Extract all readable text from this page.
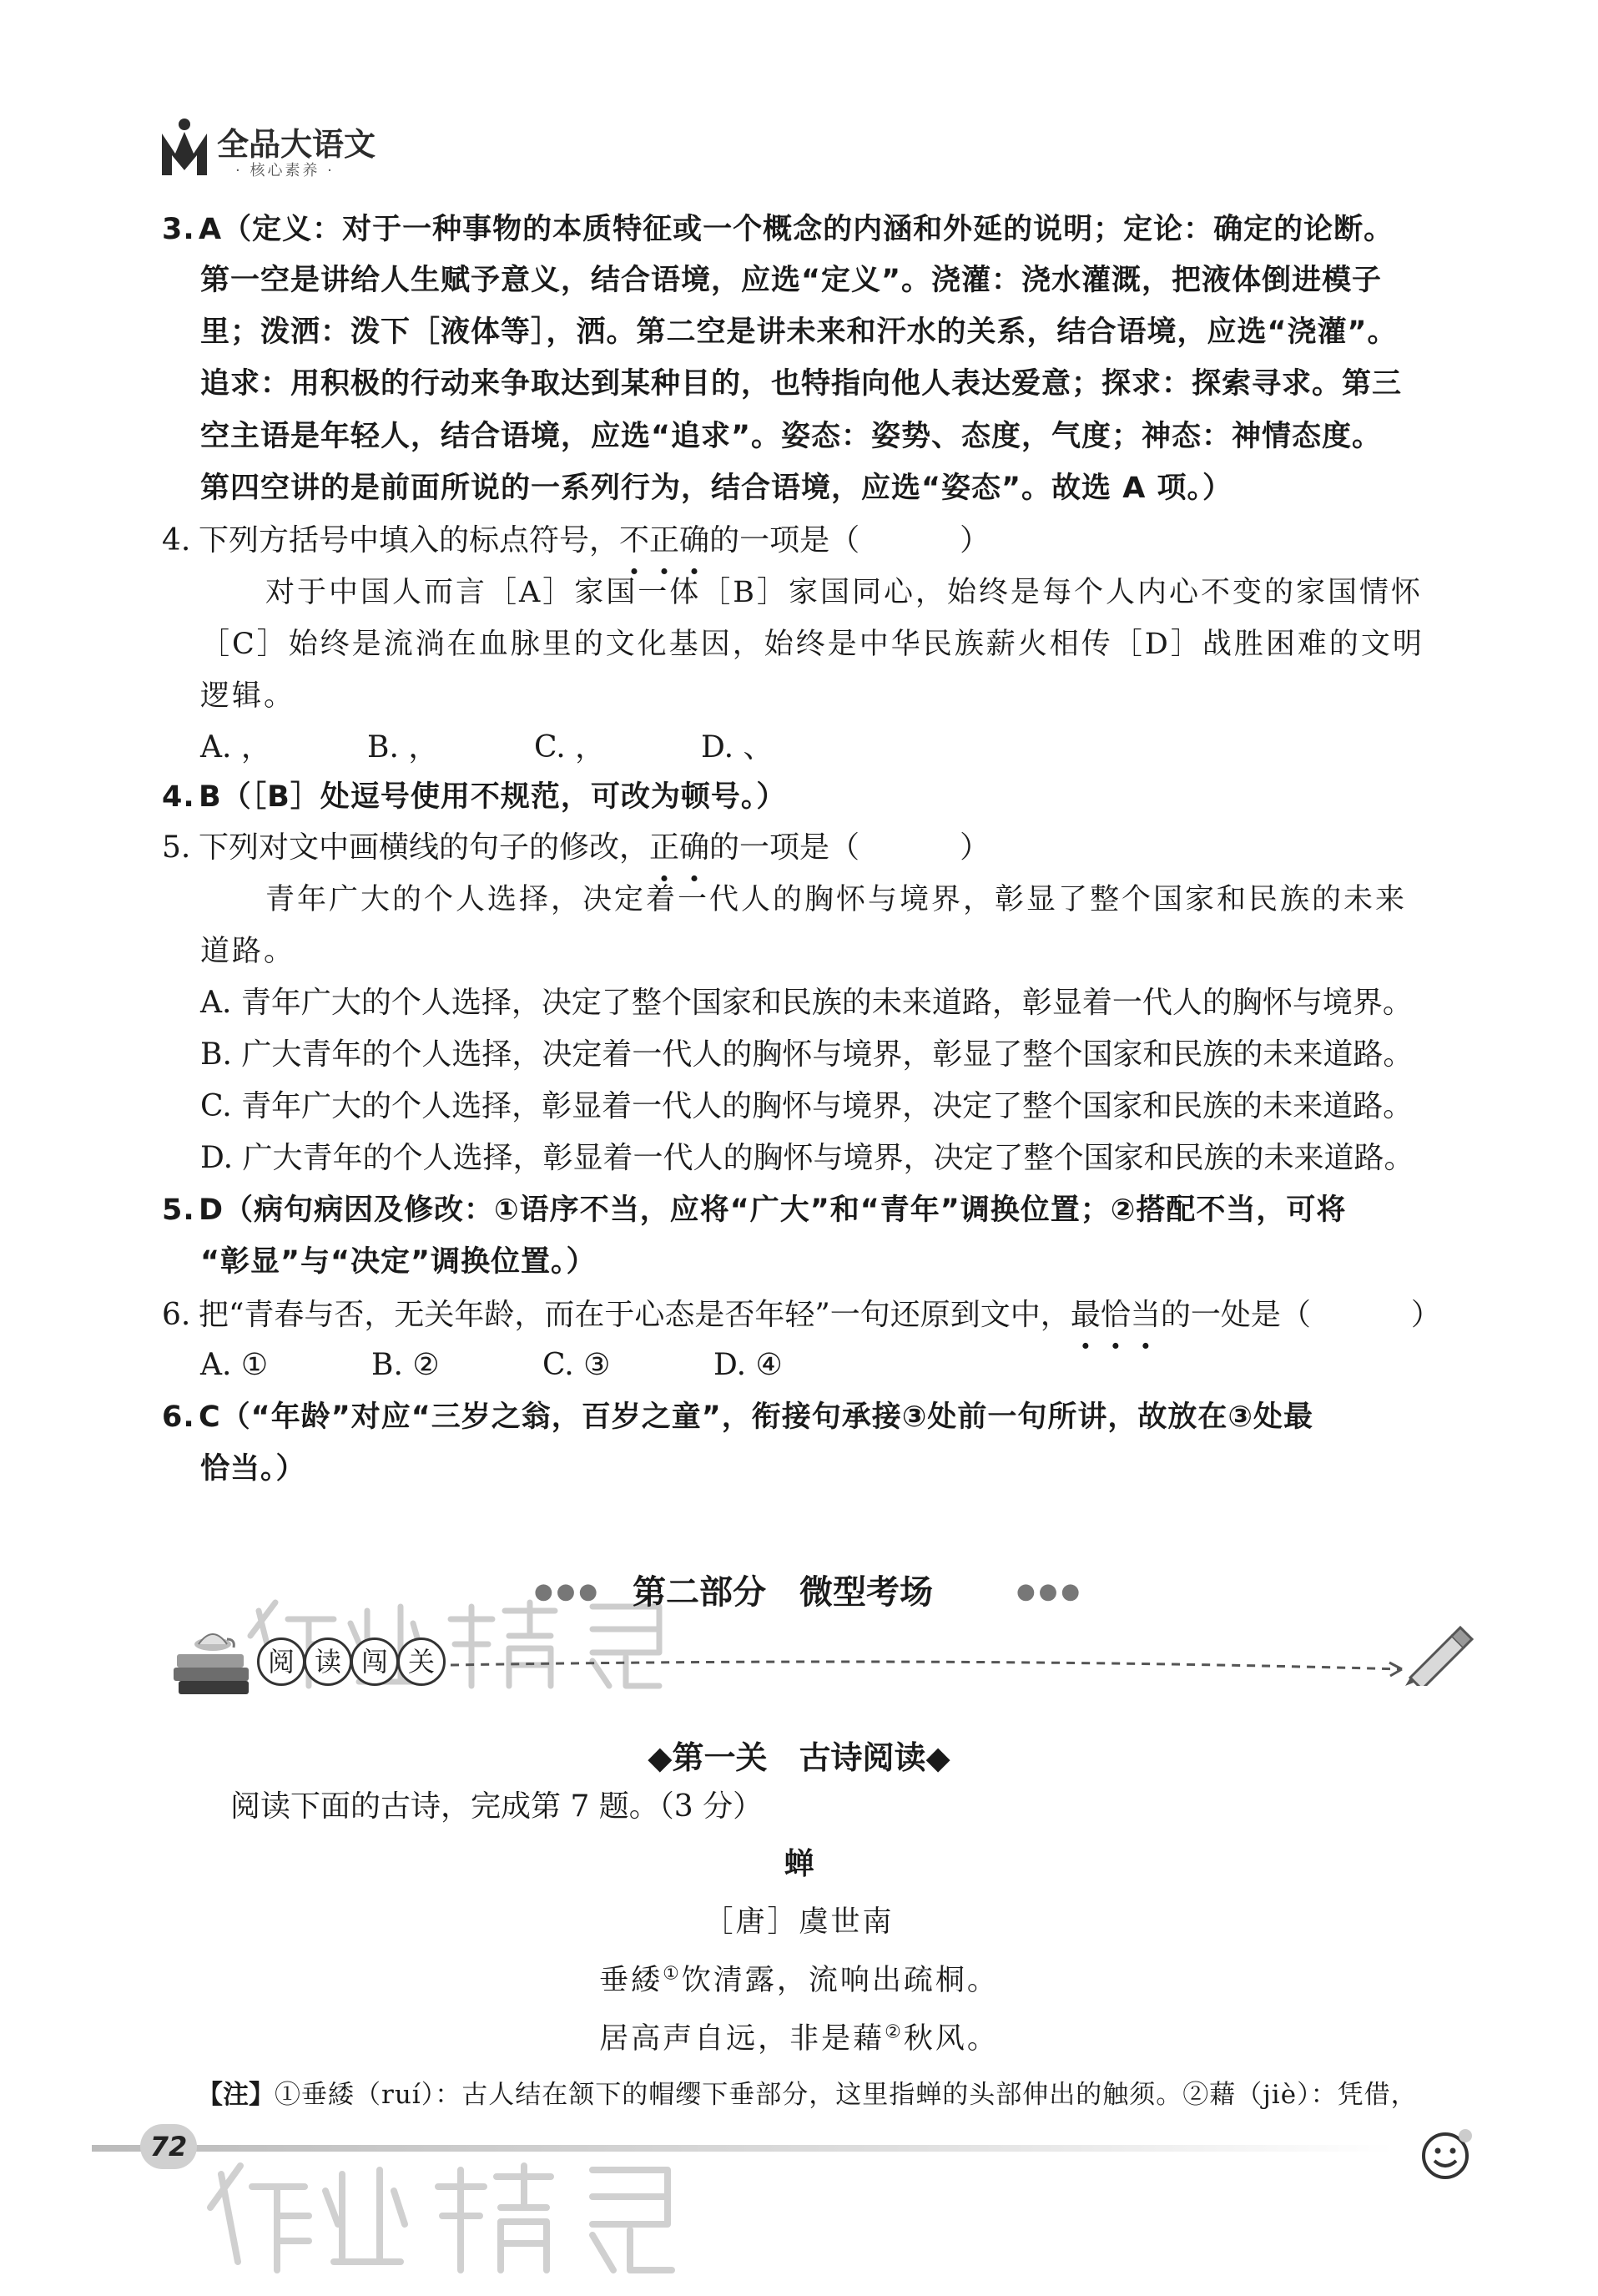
全品大语文
· 核心素养 ·
3. A（定义：对于一种事物的本质特征或一个概念的内涵和外延的说明；定论：确定的论断。
第一空是讲给人生赋予意义，结合语境，应选“定义”。浇灌：浇水灌溉，把液体倒进模子
里；泼洒：泼下［液体等］，洒。第二空是讲未来和汗水的关系，结合语境，应选“浇灌”。
追求：用积极的行动来争取达到某种目的，也特指向他人表达爱意；探求：探索寻求。第三
空主语是年轻人，结合语境，应选“追求”。姿态：姿势、态度，气度；神态：神情态度。
第四空讲的是前面所说的一系列行为，结合语境，应选“姿态”。故选 A 项。）
4. 下列方括号中填入的标点符号，不正确的一项是（	）
对于中国人而言［A］家国一体［B］家国同心，始终是每个人内心不变的家国情怀
［C］始终是流淌在血脉里的文化基因，始终是中华民族薪火相传［D］战胜困难的文明
逻辑。
A. ，	B. ，	C. ，	D. 、
4. B（［B］处逗号使用不规范，可改为顿号。）
5. 下列对文中画横线的句子的修改，正确的一项是（	）
青年广大的个人选择，决定着一代人的胸怀与境界，彰显了整个国家和民族的未来
道路。
A. 青年广大的个人选择，决定了整个国家和民族的未来道路，彰显着一代人的胸怀与境界。
B. 广大青年的个人选择，决定着一代人的胸怀与境界，彰显了整个国家和民族的未来道路。
C. 青年广大的个人选择，彰显着一代人的胸怀与境界，决定了整个国家和民族的未来道路。
D. 广大青年的个人选择，彰显着一代人的胸怀与境界，决定了整个国家和民族的未来道路。
5. D（病句病因及修改：①语序不当，应将“广大”和“青年”调换位置；②搭配不当，可将
“彰显”与“决定”调换位置。）
6. 把“青春与否，无关年龄，而在于心态是否年轻”一句还原到文中，最恰当的一处是（	）
A. ①	B. ②	C. ③	D. ④
6. C（“年龄”对应“三岁之翁，百岁之童”，衔接句承接③处前一句所讲，故放在③处最
恰当。）
●●● 第二部分　微型考场	●●●
阅 读 闯 关
◆第一关　古诗阅读◆
阅读下面的古诗，完成第 7 题。（3 分）
蝉
［唐］虞世南
垂緌①饮清露，流响出疏桐。
居高声自远，非是藉②秋风。
【注】①垂緌（ruí）：古人结在颔下的帽缨下垂部分，这里指蝉的头部伸出的触须。②藉（jiè）：凭借，
72
